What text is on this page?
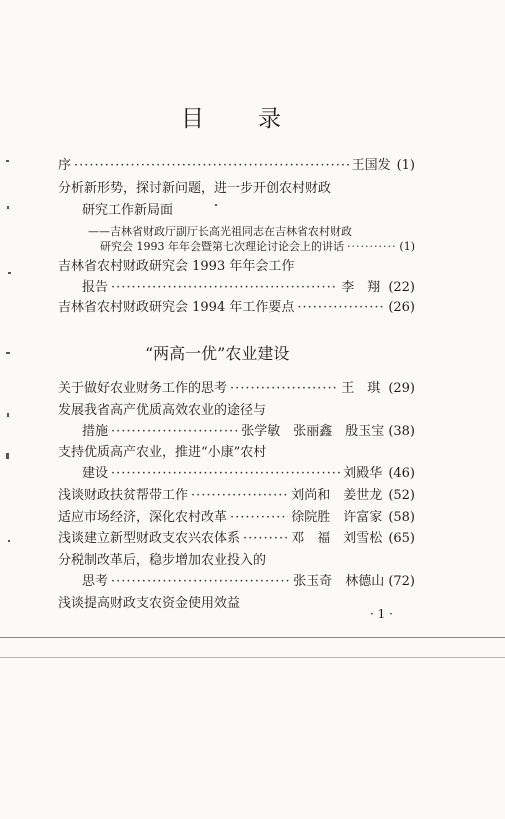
目 录
序 ·····	王国发 (1)
分析新形势，探讨新问题，进一步开创农村财政
研究工作新局面
——吉林省财政厅副厅长高光祖同志在吉林省农村财政
研究会 1993 年年会暨第七次理论讨论会上的讲话 ·····	(1)
吉林省农村财政研究会 1993 年年会工作
报告 ·····	李　翔 (22)
吉林省农村财政研究会 1994 年工作要点 ·····	(26)
“两高一优”农业建设
关于做好农业财务工作的思考 ·····	王　琪 (29)
发展我省高产优质高效农业的途径与
措施 ·····	张学敏　张丽鑫　殷玉宝 (38)
支持优质高产农业，推进“小康”农村
建设 ·····	刘殿华 (46)
浅谈财政扶贫帮带工作 ·····	刘尚和　姜世龙 (52)
适应市场经济，深化农村改革 ·····	徐院胜　许富家 (58)
浅谈建立新型财政支农兴农体系 ·····	邓　福　刘雪松 (65)
分税制改革后，稳步增加农业投入的
思考 ·····	张玉奇　林德山 (72)
浅谈提高财政支农资金使用效益
· 1 ·
